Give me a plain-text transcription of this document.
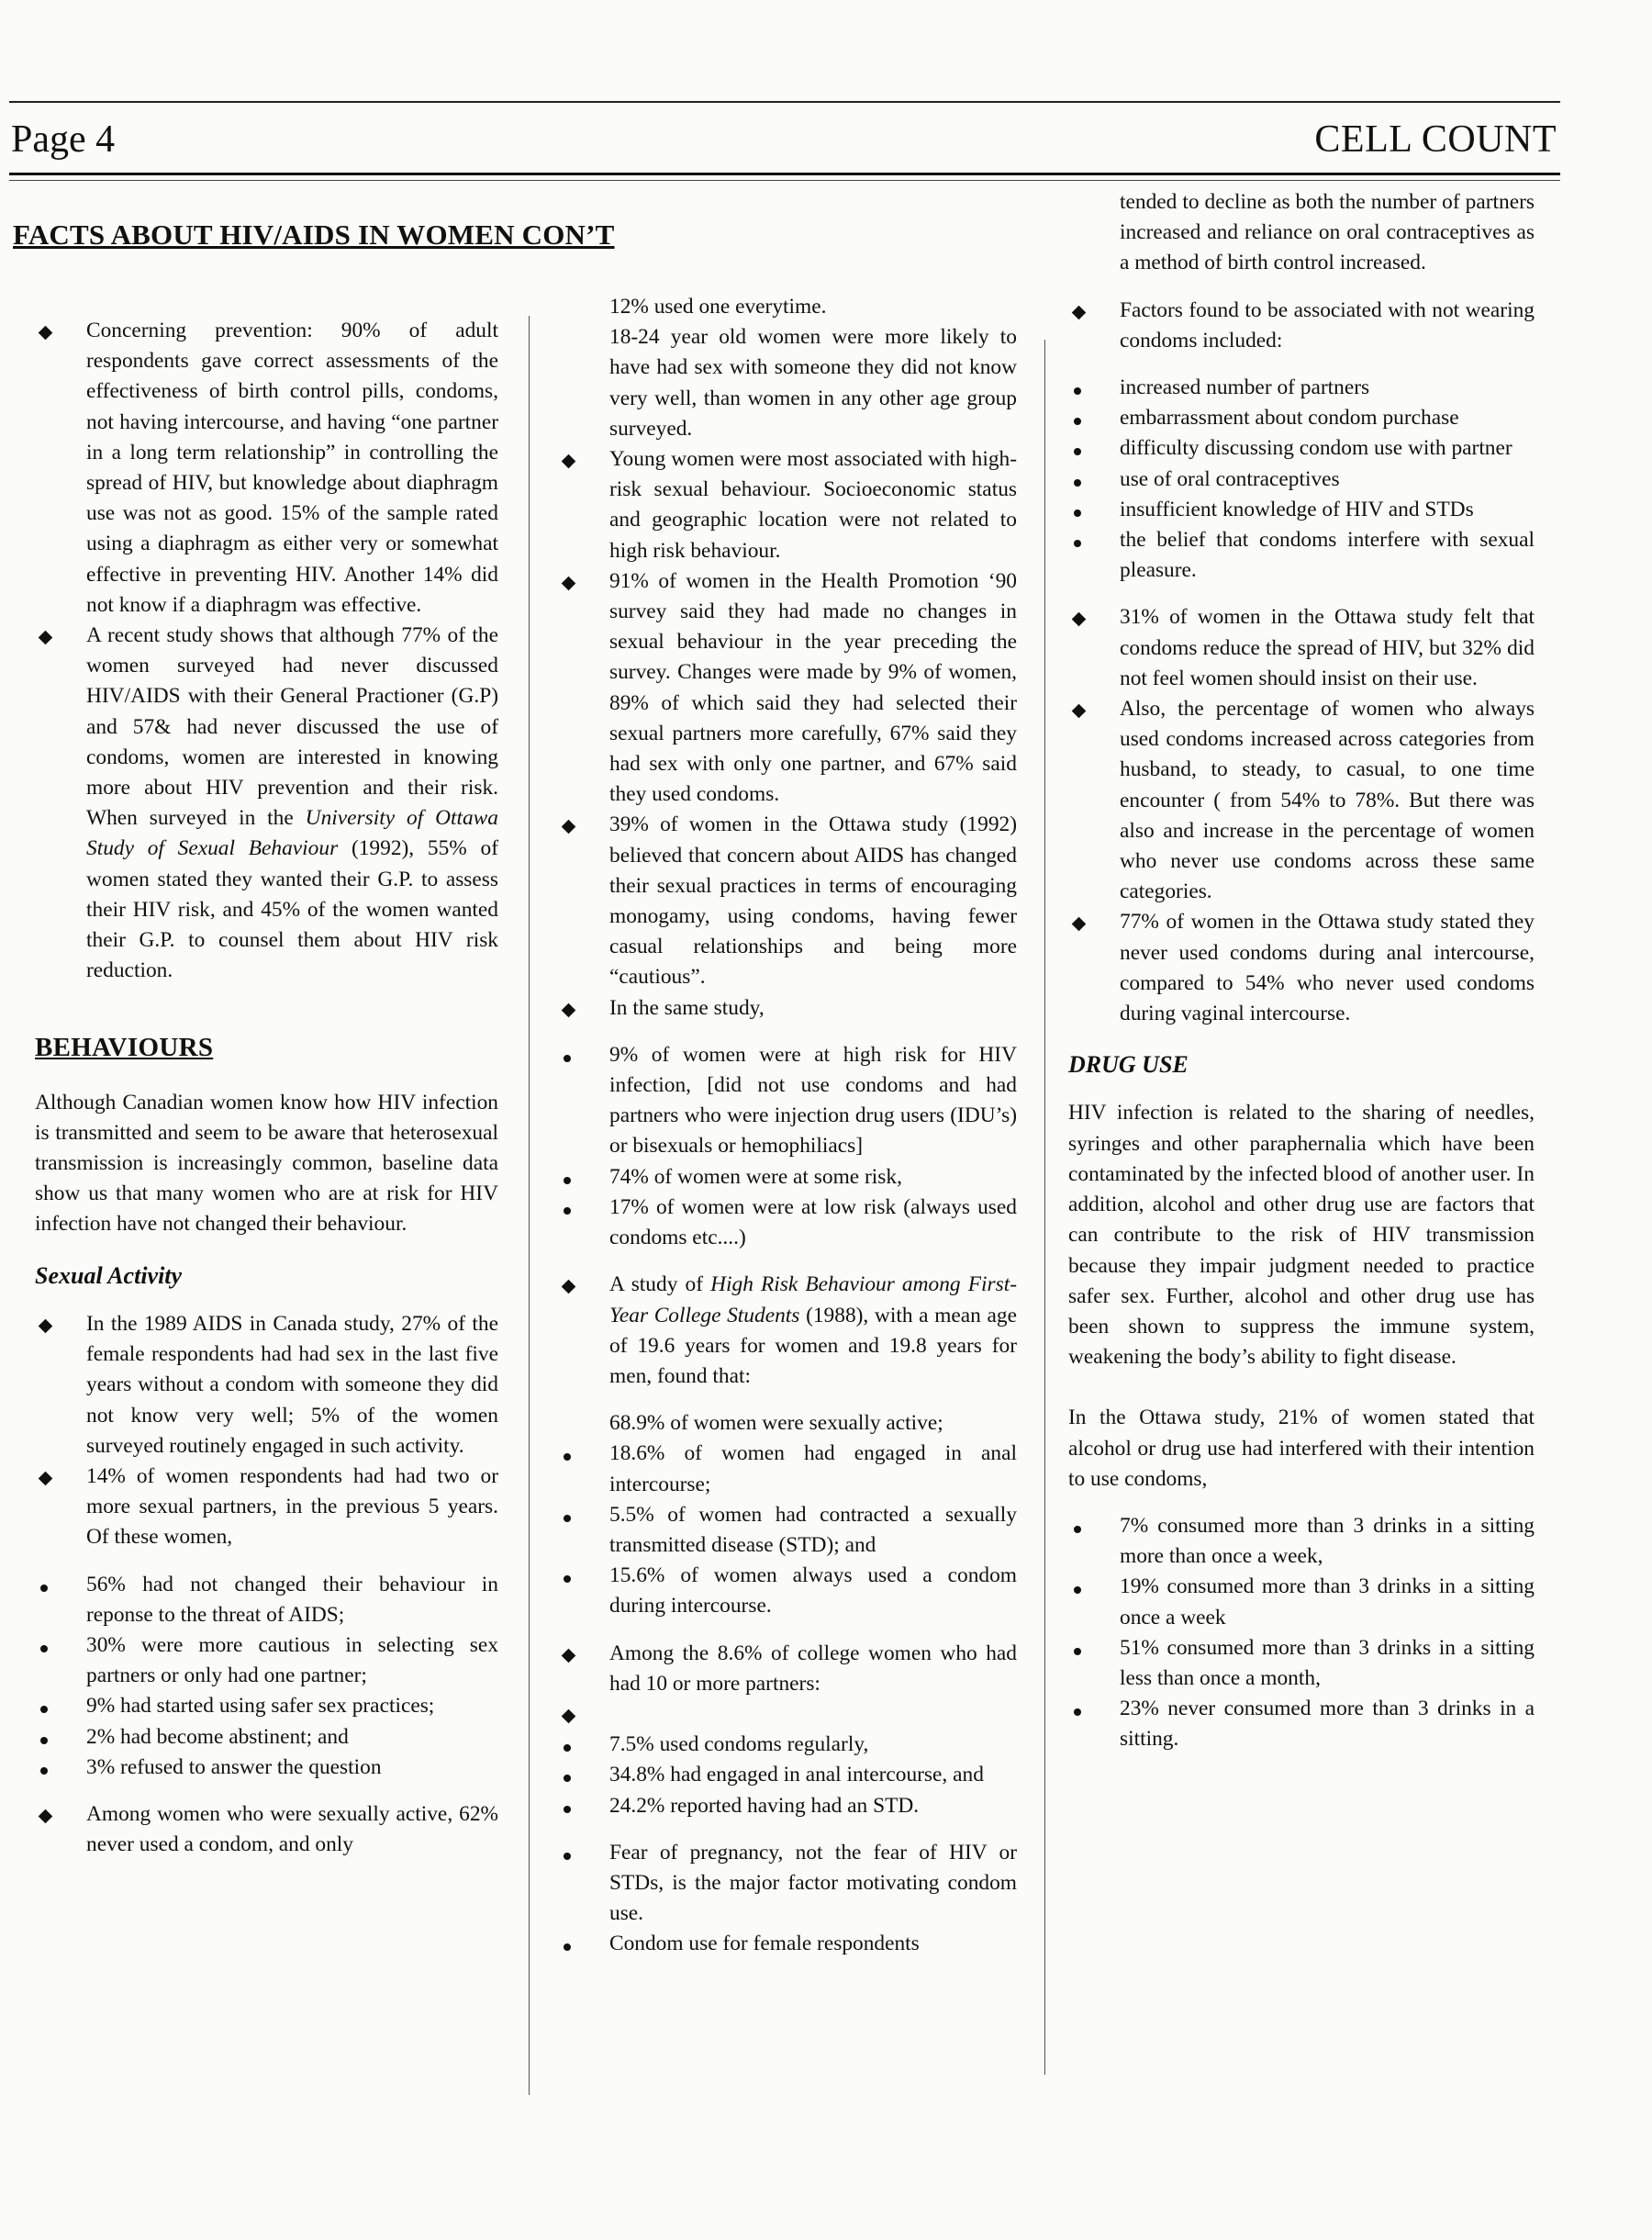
Page 4	CELL COUNT
FACTS ABOUT HIV/AIDS IN WOMEN CON’T
Concerning prevention: 90% of adult respondents gave correct assessments of the effectiveness of birth control pills, condoms, not having intercourse, and having “one partner in a long term relationship” in controlling the spread of HIV, but knowledge about diaphragm use was not as good. 15% of the sample rated using a diaphragm as either very or somewhat effective in preventing HIV. Another 14% did not know if a diaphragm was effective.
A recent study shows that although 77% of the women surveyed had never discussed HIV/AIDS with their General Practioner (G.P) and 57& had never discussed the use of condoms, women are interested in knowing more about HIV prevention and their risk. When surveyed in the University of Ottawa Study of Sexual Behaviour (1992), 55% of women stated they wanted their G.P. to assess their HIV risk, and 45% of the women wanted their G.P. to counsel them about HIV risk reduction.
BEHAVIOURS
Although Canadian women know how HIV infection is transmitted and seem to be aware that heterosexual transmission is increasingly common, baseline data show us that many women who are at risk for HIV infection have not changed their behaviour.
Sexual Activity
In the 1989 AIDS in Canada study, 27% of the female respondents had had sex in the last five years without a condom with someone they did not know very well; 5% of the women surveyed routinely engaged in such activity.
14% of women respondents had had two or more sexual partners, in the previous 5 years. Of these women,
56% had not changed their behaviour in reponse to the threat of AIDS;
30% were more cautious in selecting sex partners or only had one partner;
9% had started using safer sex practices;
2% had become abstinent; and
3% refused to answer the question
Among women who were sexually active, 62% never used a condom, and only
12% used one everytime.
18-24 year old women were more likely to have had sex with someone they did not know very well, than women in any other age group surveyed.
Young women were most associated with high-risk sexual behaviour. Socioeconomic status and geographic location were not related to high risk behaviour.
91% of women in the Health Promotion ‘90 survey said they had made no changes in sexual behaviour in the year preceding the survey. Changes were made by 9% of women, 89% of which said they had selected their sexual partners more carefully, 67% said they had sex with only one partner, and 67% said they used condoms.
39% of women in the Ottawa study (1992) believed that concern about AIDS has changed their sexual practices in terms of encouraging monogamy, using condoms, having fewer casual relationships and being more “cautious”.
In the same study,
9% of women were at high risk for HIV infection, [did not use condoms and had partners who were injection drug users (IDU’s) or bisexuals or hemophiliacs]
74% of women were at some risk,
17% of women were at low risk (always used condoms etc....)
A study of High Risk Behaviour among First-Year College Students (1988), with a mean age of 19.6 years for women and 19.8 years for men, found that:
68.9% of women were sexually active;
18.6% of women had engaged in anal intercourse;
5.5% of women had contracted a sexually transmitted disease (STD); and
15.6% of women always used a condom during intercourse.
Among the 8.6% of college women who had had 10 or more partners:

7.5% used condoms regularly,
34.8% had engaged in anal intercourse, and
24.2% reported having had an STD.
Fear of pregnancy, not the fear of HIV or STDs, is the major factor motivating condom use.
Condom use for female respondents
tended to decline as both the number of partners increased and reliance on oral contraceptives as a method of birth control increased.
Factors found to be associated with not wearing condoms included:
increased number of partners
embarrassment about condom purchase
difficulty discussing condom use with partner
use of oral contraceptives
insufficient knowledge of HIV and STDs
the belief that condoms interfere with sexual pleasure.
31% of women in the Ottawa study felt that condoms reduce the spread of HIV, but 32% did not feel women should insist on their use.
Also, the percentage of women who always used condoms increased across categories from husband, to steady, to casual, to one time encounter ( from 54% to 78%. But there was also and increase in the percentage of women who never use condoms across these same categories.
77% of women in the Ottawa study stated they never used condoms during anal intercourse, compared to 54% who never used condoms during vaginal intercourse.
DRUG USE
HIV infection is related to the sharing of needles, syringes and other paraphernalia which have been contaminated by the infected blood of another user. In addition, alcohol and other drug use are factors that can contribute to the risk of HIV transmission because they impair judgment needed to practice safer sex. Further, alcohol and other drug use has been shown to suppress the immune system, weakening the body’s ability to fight disease.
In the Ottawa study, 21% of women stated that alcohol or drug use had interfered with their intention to use condoms,
7% consumed more than 3 drinks in a sitting more than once a week,
19% consumed more than 3 drinks in a sitting once a week
51% consumed more than 3 drinks in a sitting less than once a month,
23% never consumed more than 3 drinks in a sitting.
